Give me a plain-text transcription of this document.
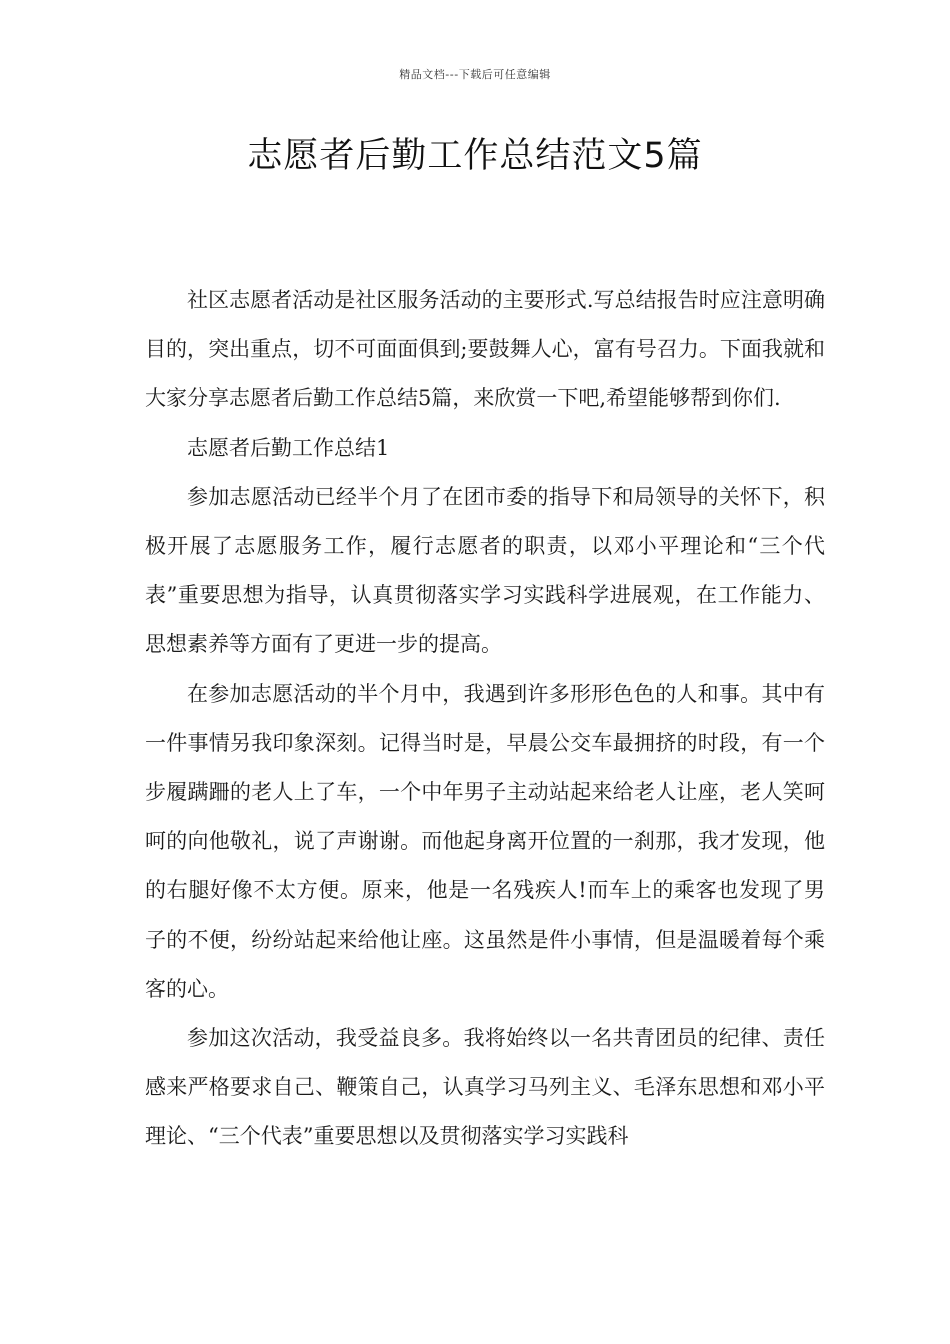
精品文档---下载后可任意编辑
志愿者后勤工作总结范文5篇

社区志愿者活动是社区服务活动的主要形式.写总结报告时应注意明确目的，突出重点，切不可面面俱到;要鼓舞人心，富有号召力。下面我就和大家分享志愿者后勤工作总结5篇，来欣赏一下吧,希望能够帮到你们.

志愿者后勤工作总结1

参加志愿活动已经半个月了在团市委的指导下和局领导的关怀下，积极开展了志愿服务工作，履行志愿者的职责，以邓小平理论和“三个代表”重要思想为指导，认真贯彻落实学习实践科学进展观，在工作能力、思想素养等方面有了更进一步的提高。

在参加志愿活动的半个月中，我遇到许多形形色色的人和事。其中有一件事情另我印象深刻。记得当时是，早晨公交车最拥挤的时段，有一个步履蹒跚的老人上了车，一个中年男子主动站起来给老人让座，老人笑呵呵的向他敬礼，说了声谢谢。而他起身离开位置的一刹那，我才发现，他的右腿好像不太方便。原来，他是一名残疾人!而车上的乘客也发现了男子的不便，纷纷站起来给他让座。这虽然是件小事情，但是温暖着每个乘客的心。

参加这次活动，我受益良多。我将始终以一名共青团员的纪律、责任感来严格要求自己、鞭策自己，认真学习马列主义、毛泽东思想和邓小平理论、“三个代表”重要思想以及贯彻落实学习实践科
